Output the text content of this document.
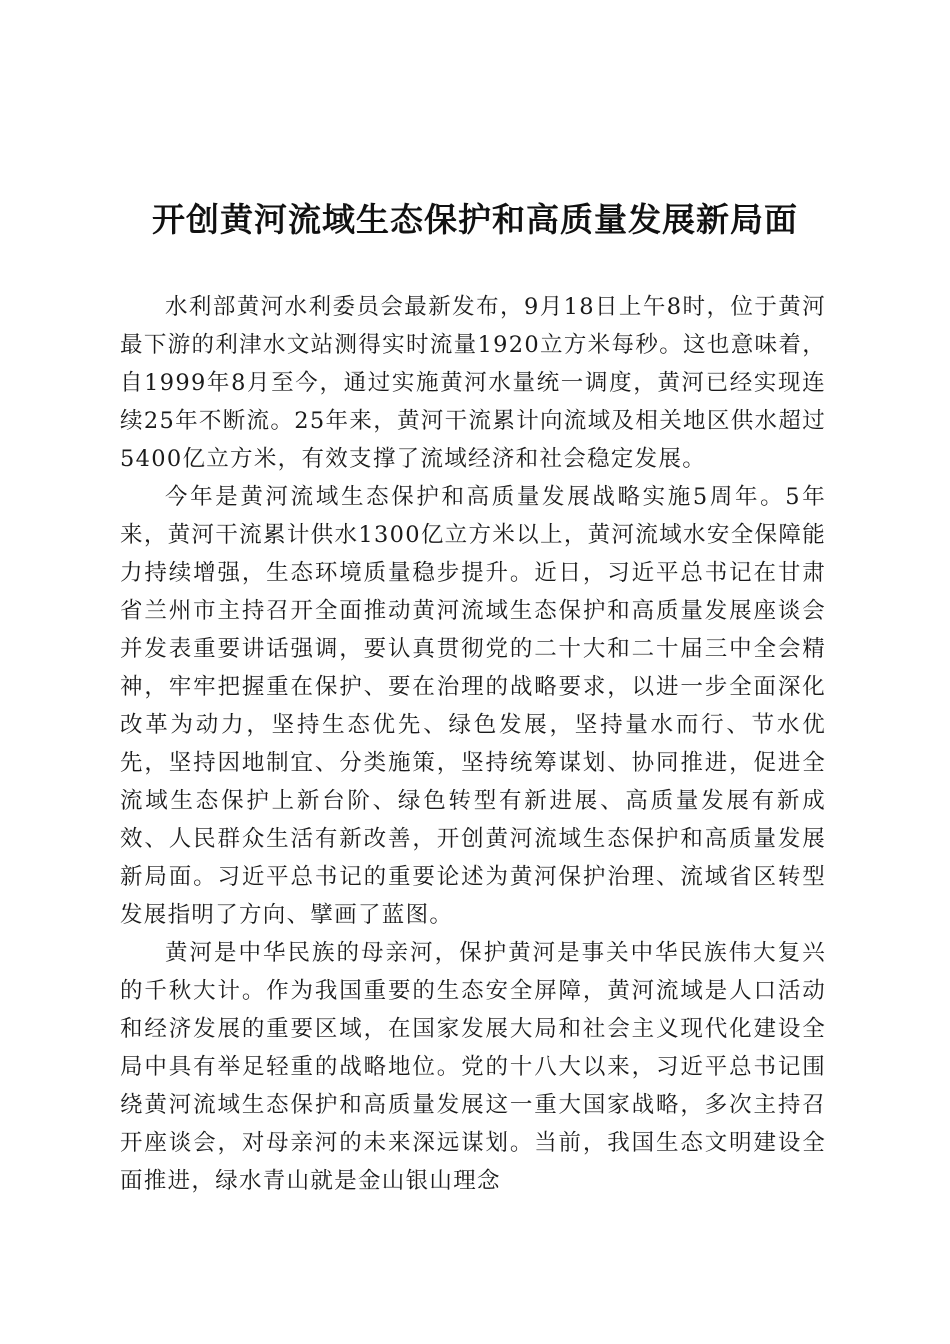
开创黄河流域生态保护和高质量发展新局面

水利部黄河水利委员会最新发布，9月18日上午8时，位于黄河最下游的利津水文站测得实时流量1920立方米每秒。这也意味着，自1999年8月至今，通过实施黄河水量统一调度，黄河已经实现连续25年不断流。25年来，黄河干流累计向流域及相关地区供水超过5400亿立方米，有效支撑了流域经济和社会稳定发展。

今年是黄河流域生态保护和高质量发展战略实施5周年。5年来，黄河干流累计供水1300亿立方米以上，黄河流域水安全保障能力持续增强，生态环境质量稳步提升。近日，习近平总书记在甘肃省兰州市主持召开全面推动黄河流域生态保护和高质量发展座谈会并发表重要讲话强调，要认真贯彻党的二十大和二十届三中全会精神，牢牢把握重在保护、要在治理的战略要求，以进一步全面深化改革为动力，坚持生态优先、绿色发展，坚持量水而行、节水优先，坚持因地制宜、分类施策，坚持统筹谋划、协同推进，促进全流域生态保护上新台阶、绿色转型有新进展、高质量发展有新成效、人民群众生活有新改善，开创黄河流域生态保护和高质量发展新局面。习近平总书记的重要论述为黄河保护治理、流域省区转型发展指明了方向、擘画了蓝图。

黄河是中华民族的母亲河，保护黄河是事关中华民族伟大复兴的千秋大计。作为我国重要的生态安全屏障，黄河流域是人口活动和经济发展的重要区域，在国家发展大局和社会主义现代化建设全局中具有举足轻重的战略地位。党的十八大以来，习近平总书记围绕黄河流域生态保护和高质量发展这一重大国家战略，多次主持召开座谈会，对母亲河的未来深远谋划。当前，我国生态文明建设全面推进，绿水青山就是金山银山理念
